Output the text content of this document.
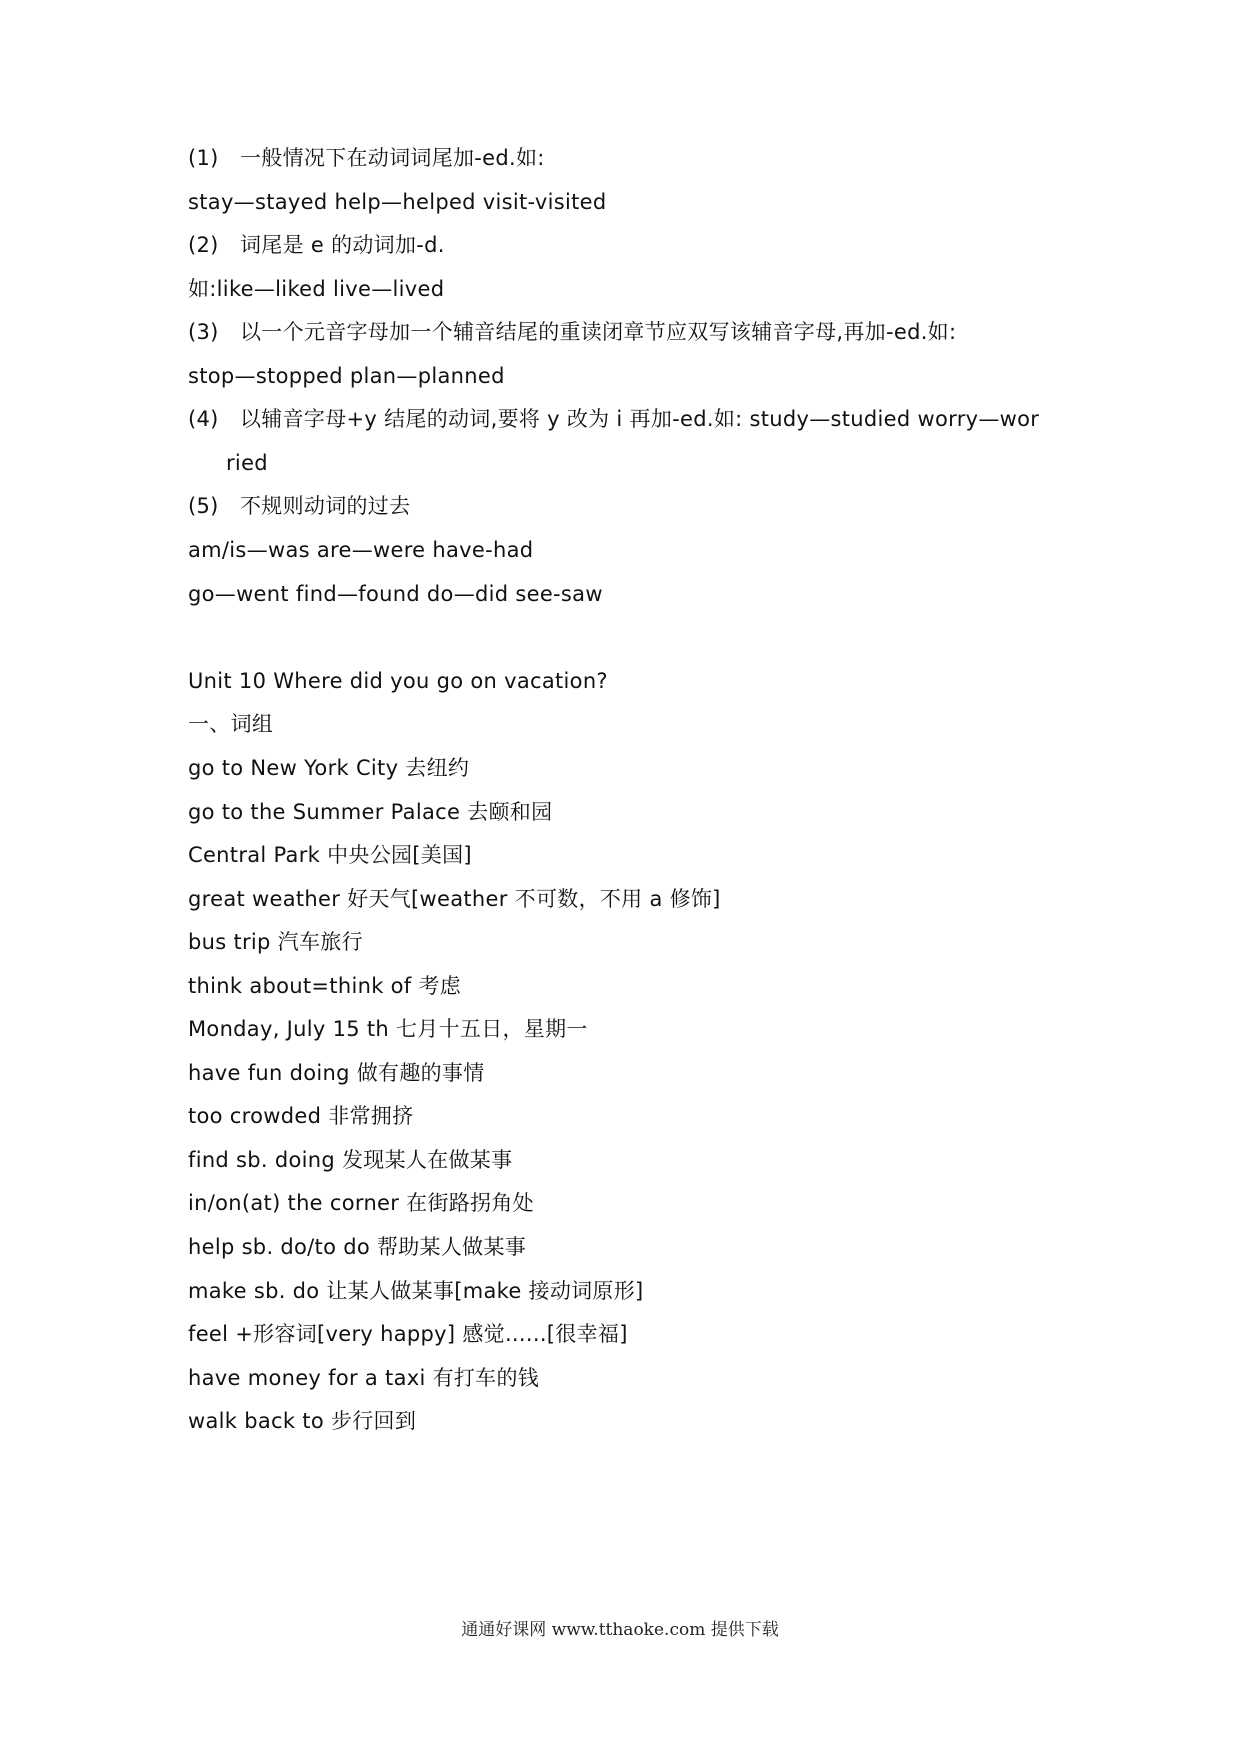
(1) 一般情况下在动词词尾加-ed.如:
stay—stayed help—helped visit-visited
(2) 词尾是 e 的动词加-d.
如:like—liked live—lived
(3) 以一个元音字母加一个辅音结尾的重读闭章节应双写该辅音字母,再加-ed.如:
stop—stopped plan—planned
(4) 以辅音字母+y 结尾的动词,要将 y 改为 i 再加-ed.如: study—studied worry—wor
ried
(5) 不规则动词的过去
am/is—was are—were have-had
go—went find—found do—did see-saw
Unit 10 Where did you go on vacation?
一、词组
go to New York City 去纽约
go to the Summer Palace 去颐和园
Central Park 中央公园[美国]
great weather 好天气[weather 不可数，不用 a 修饰]
bus trip 汽车旅行
think about=think of 考虑
Monday, July 15 th 七月十五日，星期一
have fun doing 做有趣的事情
too crowded 非常拥挤
find sb. doing 发现某人在做某事
in/on(at) the corner 在街路拐角处
help sb. do/to do 帮助某人做某事
make sb. do 让某人做某事[make 接动词原形]
feel +形容词[very happy] 感觉......[很幸福]
have money for a taxi 有打车的钱
walk back to 步行回到
通通好课网 www.tthaoke.com 提供下载
